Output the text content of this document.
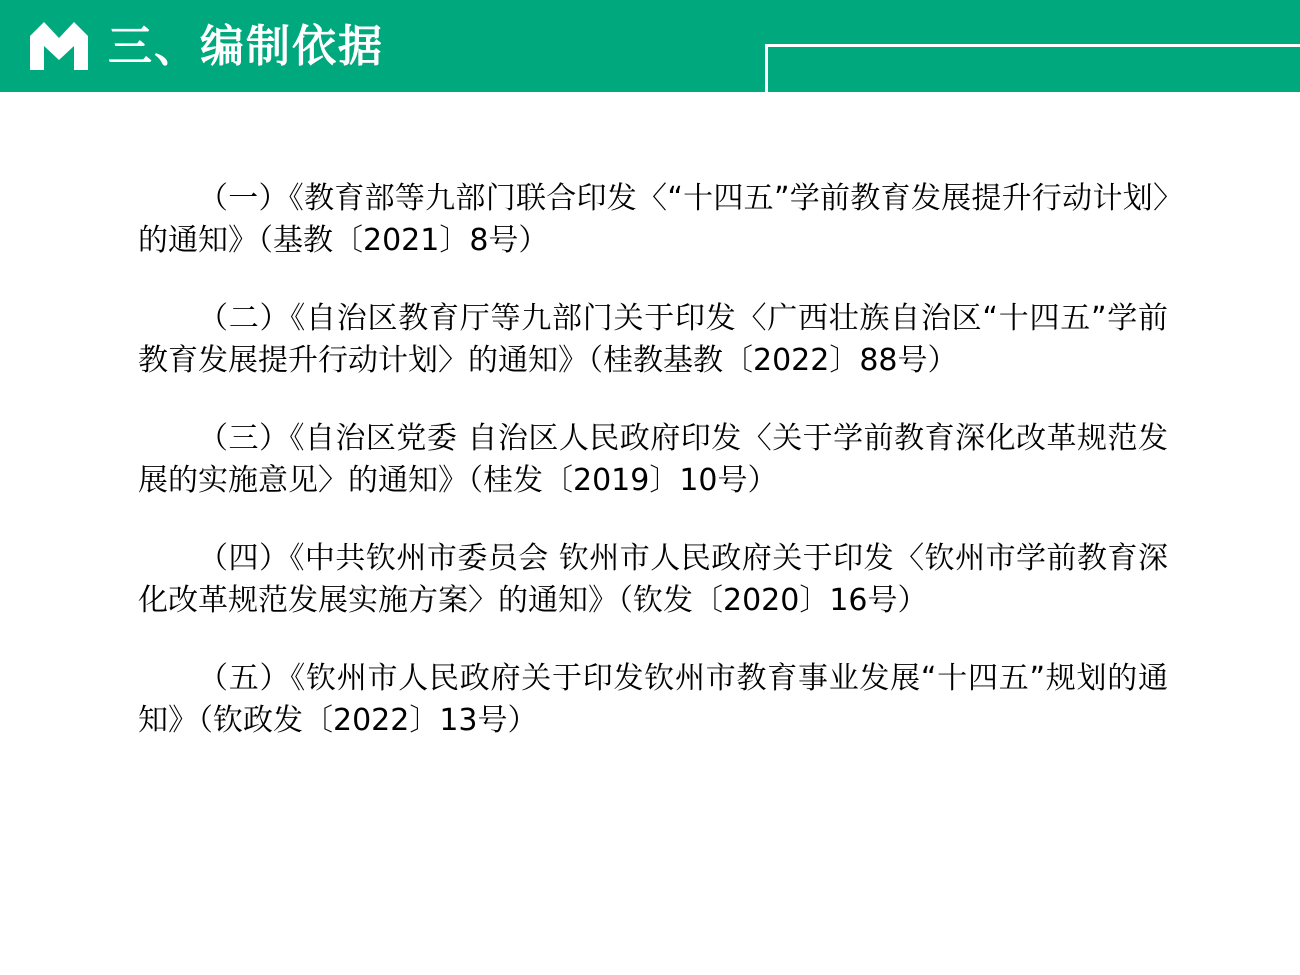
三、编制依据

（一）《教育部等九部门联合印发〈“十四五”学前教育发展提升行动计划〉的通知》（基教〔2021〕8号）

（二）《自治区教育厅等九部门关于印发〈广西壮族自治区“十四五”学前教育发展提升行动计划〉的通知》（桂教基教〔2022〕88号）

（三）《自治区党委 自治区人民政府印发〈关于学前教育深化改革规范发展的实施意见〉的通知》（桂发〔2019〕10号）

（四）《中共钦州市委员会 钦州市人民政府关于印发〈钦州市学前教育深化改革规范发展实施方案〉的通知》（钦发〔2020〕16号）

（五）《钦州市人民政府关于印发钦州市教育事业发展“十四五”规划的通知》（钦政发〔2022〕13号）
